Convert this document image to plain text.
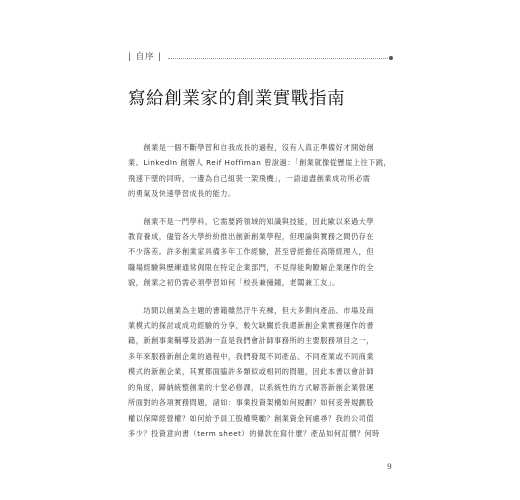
| 自序 |
寫給創業家的創業實戰指南

　　創業是一個不斷學習和自我成長的過程，沒有人真正準備好才開始創
業。LinkedIn 創辦人 Reif Hoffiman 曾說過：「創業就像從懸崖上往下跳，
飛速下墜的同時，一邊為自己組裝一架飛機」，一語道盡創業成功所必需
的勇氣及快速學習成長的能力。

　　創業不是一門學科，它需要跨領域的知識與技能，因此歐以來過大學
教育養成，儘管各大學紛紛推出創新創業學程，但理論與實務之間仍存在
不少落差。許多創業家具備多年工作經驗，甚至曾經擔任高階經理人，但
職場經驗與歷練通常侷限在特定企業部門，不見得能夠瞭解企業運作的全
貌，創業之初仍需必須學習如何「校長兼撞鐘，老闆兼工友」。

　　坊間以創業為主題的書籍雖然汗牛充棟，但大多側向產品、市場及商
業模式的探討或成功經驗的分享，較欠缺關於我還新創企業實務運作的書
籍，新創事業輔導及諮詢一直是我們會計師事務所的主要服務項目之一，
多年來服務新創企業的過程中，我們發現不同產品、不同產業或不同商業
模式的新創企業，其實都面臨許多類似或相同的問題，因此本書以會計師
的角度，歸納統整創業的十堂必修課，以系統性的方式解答新創企業營運
所面對的各項實務問題，諸如：事業投資架構如何規劃？如何妥善規劃股
權以保障經營權？如何給予員工股權獎勵？創業資金何處尋？我的公司值
多少？投資意向書（term sheet）的條款在寫什麼？產品如何訂價？何時

9
